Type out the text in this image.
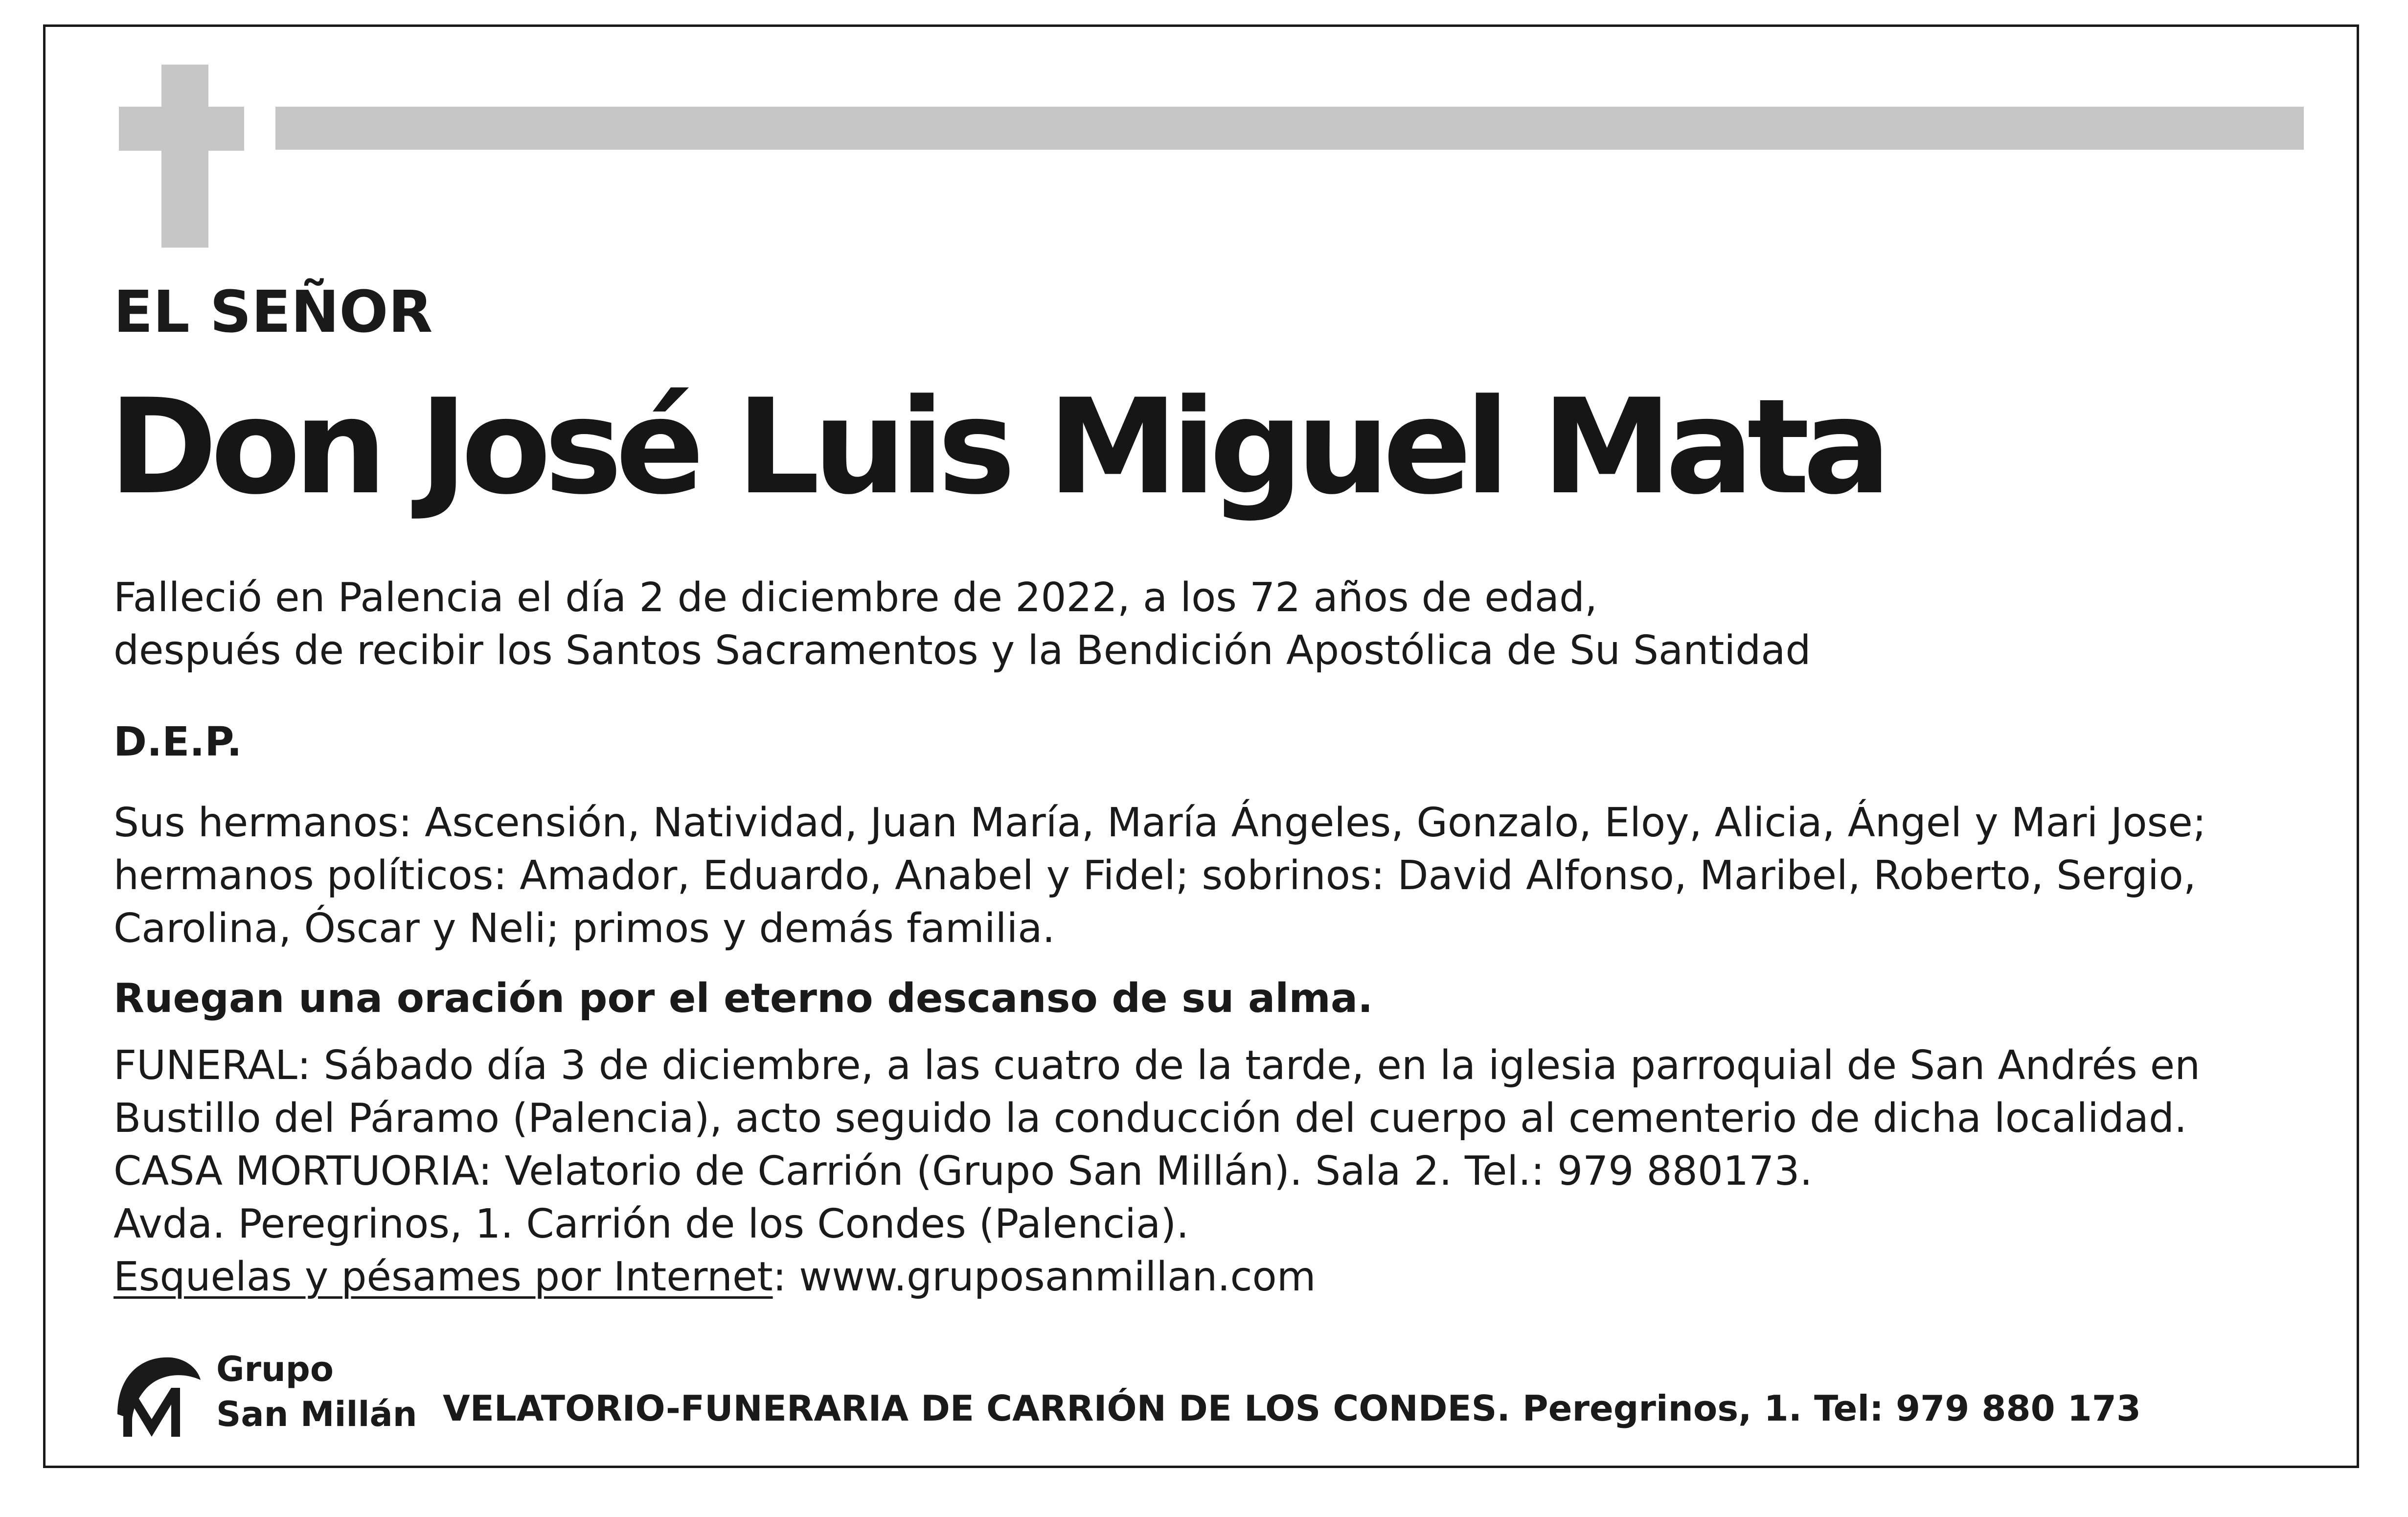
EL SEÑOR
Don José Luis Miguel Mata
Falleció en Palencia el día 2 de diciembre de 2022, a los 72 años de edad,
después de recibir los Santos Sacramentos y la Bendición Apostólica de Su Santidad
D.E.P.
Sus hermanos: Ascensión, Natividad, Juan María, María Ángeles, Gonzalo, Eloy, Alicia, Ángel y Mari Jose;
hermanos políticos: Amador, Eduardo, Anabel y Fidel; sobrinos: David Alfonso, Maribel, Roberto, Sergio,
Carolina, Óscar y Neli; primos y demás familia.
Ruegan una oración por el eterno descanso de su alma.
FUNERAL: Sábado día 3 de diciembre, a las cuatro de la tarde, en la iglesia parroquial de San Andrés en
Bustillo del Páramo (Palencia), acto seguido la conducción del cuerpo al cementerio de dicha localidad.
CASA MORTUORIA: Velatorio de Carrión (Grupo San Millán). Sala 2. Tel.: 979 880173.
Avda. Peregrinos, 1. Carrión de los Condes (Palencia).
Esquelas y pésames por Internet: www.gruposanmillan.com
Grupo
San Millán VELATORIO-FUNERARIA DE CARRIÓN DE LOS CONDES. Peregrinos, 1. Tel: 979 880 173
